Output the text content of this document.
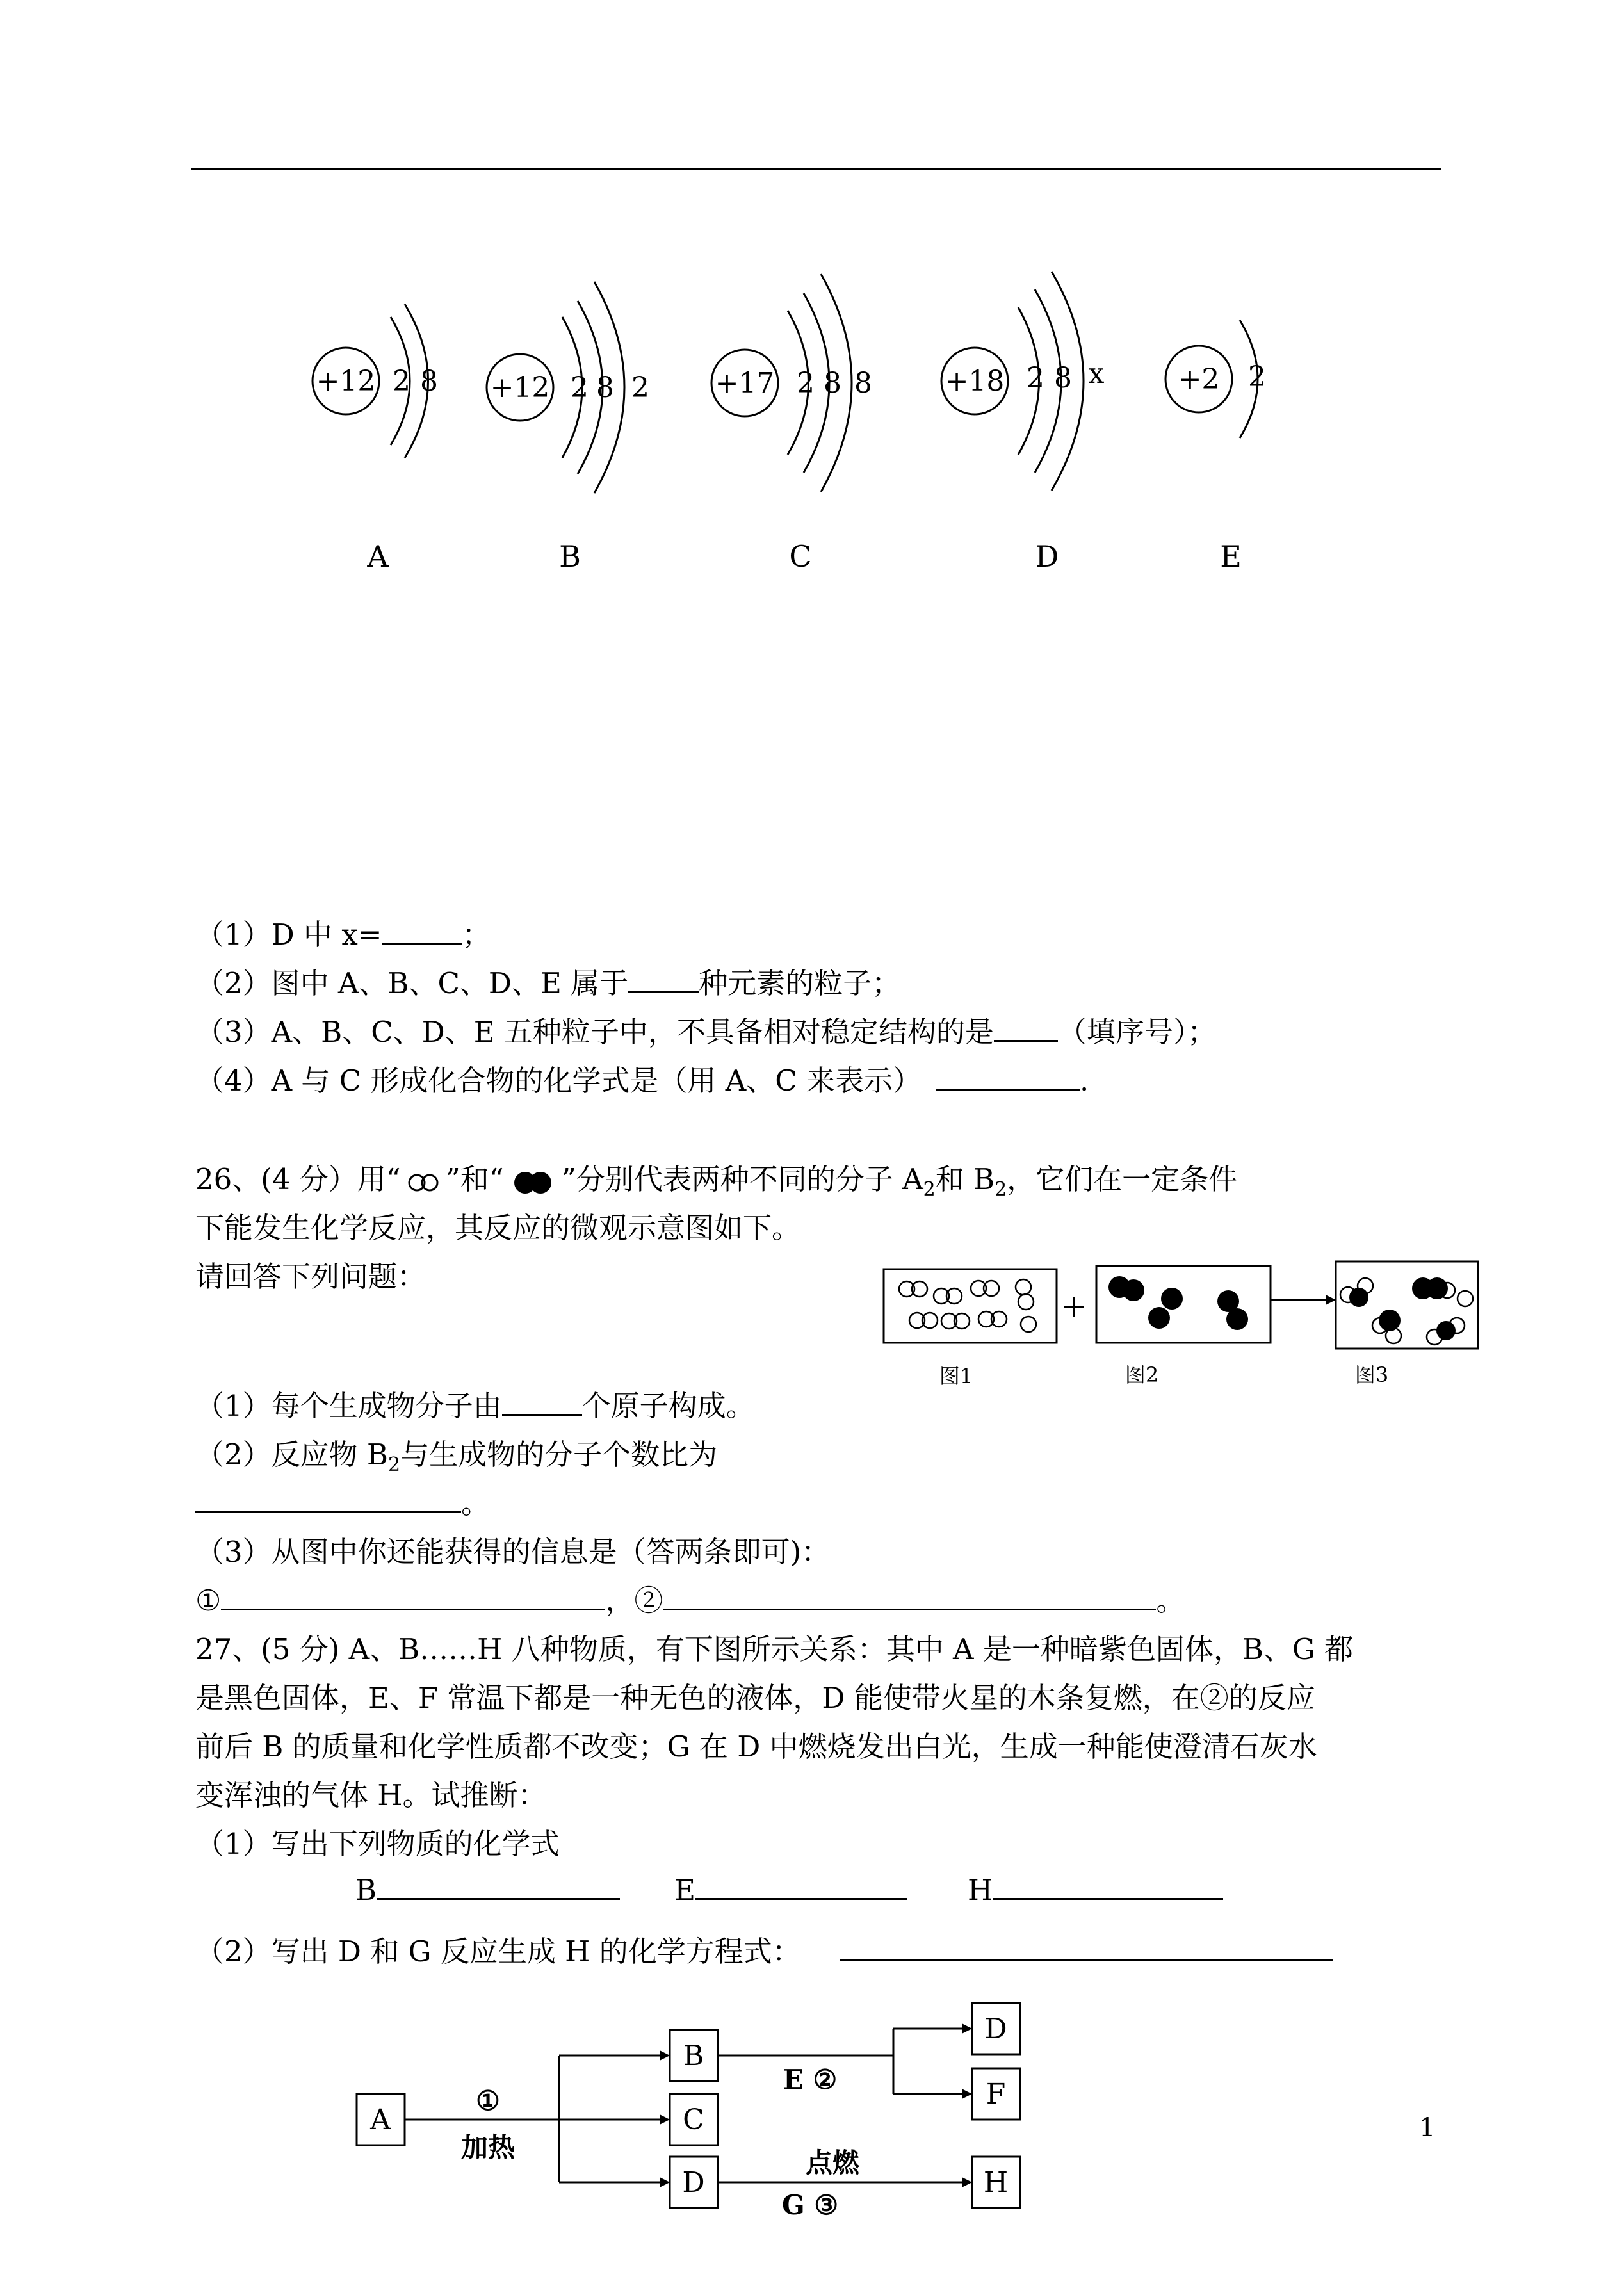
+12 2 8 +12 2 8 2 +17 2 8 8	+18 2 8 x	+2 2
A	B	C	D	E
（1）D 中 x=	；
（2）图中 A、B、C、D、E 属于 种元素的粒子；
（3）A、B、C、D、E 五种粒子中，不具备相对稳定结构的是 （填序号）；
（4）A 与 C 形成化合物的化学式是（用 A、C 来表示）	.
26、(4 分）用“ ”和“ ”分别代表两种不同的分子 $A_2$和 $B_2$，它们在一定条件
下能发生化学反应，其反应的微观示意图如下。
请回答下列问题：
+
图1	图2	图3
（1）每个生成物分子由	个原子构成。
（2）反应物 $B_2$与生成物的分子个数比为
。
（3）从图中你还能获得的信息是（答两条即可)：
①	，②	。
27、(5 分) A、B……H 八种物质，有下图所示关系：其中 A 是一种暗紫色固体，B、G 都
是黑色固体，E、F 常温下都是一种无色的液体，D 能使带火星的木条复燃，在②的反应
前后 B 的质量和化学性质都不改变；G 在 D 中燃烧发出白光，生成一种能使澄清石灰水
变浑浊的气体 H。试推断：
（1）写出下列物质的化学式
B	E	H
（2）写出 D 和 G 反应生成 H 的化学方程式：
A
B
C
D
D
F
H
①
加热
E ②
点燃
G ③
1
